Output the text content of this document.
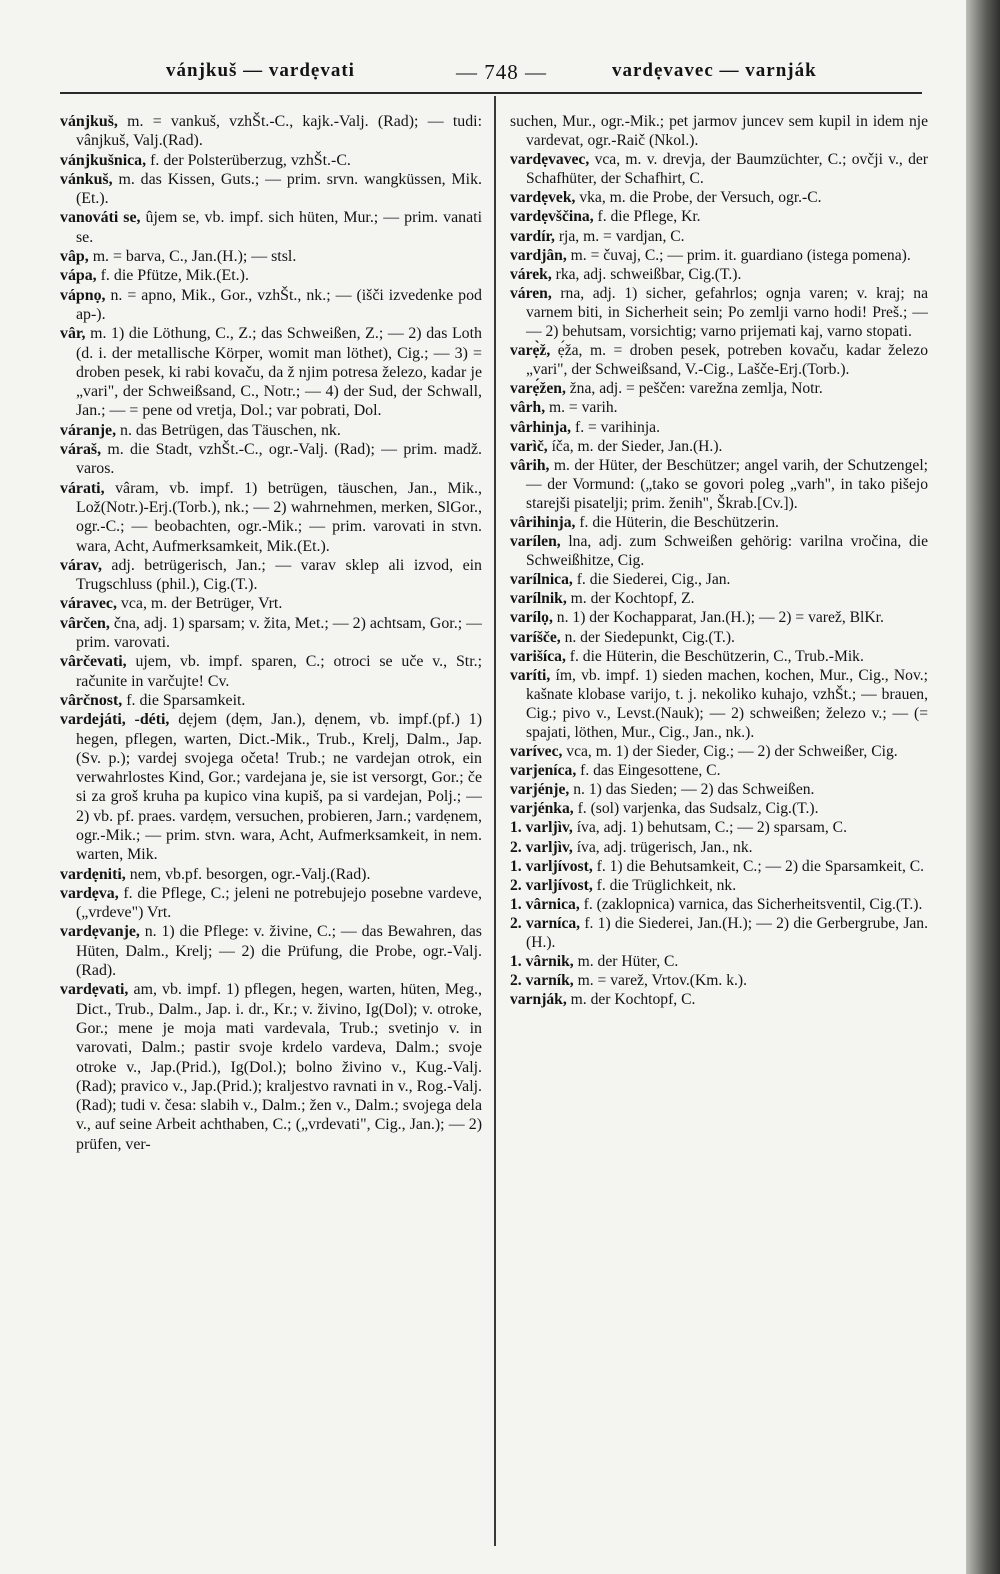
vánjkuš — vardẹvati	— 748 —	vardẹvavec — varnják

vánjkuš, m. = vankuš, vzhŠt.-C., kajk.-Valj. (Rad); — tudi: vânjkuš, Valj.(Rad).

vánjkušnica, f. der Polsterüberzug, vzhŠt.-C.

vánkuš, m. das Kissen, Guts.; — prim. srvn. wangküssen, Mik.(Et.).

vanováti se, ûjem se, vb. impf. sich hüten, Mur.; — prim. vanati se.

vâp, m. = barva, C., Jan.(H.); — stsl.

vápa, f. die Pfütze, Mik.(Et.).

vápnọ, n. = apno, Mik., Gor., vzhŠt., nk.; — (išči izvedenke pod ap-).

vâr, m. 1) die Löthung, C., Z.; das Schweißen, Z.; — 2) das Loth (d. i. der metallische Körper, womit man löthet), Cig.; — 3) = droben pesek, ki rabi kovaču, da ž njim potresa železo, kadar je „vari", der Schweißsand, C., Notr.; — 4) der Sud, der Schwall, Jan.; — = pene od vretja, Dol.; var pobrati, Dol.

váranje, n. das Betrügen, das Täuschen, nk.

váraš, m. die Stadt, vzhŠt.-C., ogr.-Valj. (Rad); — prim. madž. varos.

várati, vâram, vb. impf. 1) betrügen, täuschen, Jan., Mik., Lož(Notr.)-Erj.(Torb.), nk.; — 2) wahrnehmen, merken, SlGor., ogr.-C.; — beobachten, ogr.-Mik.; — prim. varovati in stvn. wara, Acht, Aufmerksamkeit, Mik.(Et.).

várav, adj. betrügerisch, Jan.; — varav sklep ali izvod, ein Trugschluss (phil.), Cig.(T.).

váravec, vca, m. der Betrüger, Vrt.

vârčen, čna, adj. 1) sparsam; v. žita, Met.; — 2) achtsam, Gor.; — prim. varovati.

vârčevati, ujem, vb. impf. sparen, C.; otroci se uče v., Str.; računite in varčujte! Cv.

vârčnost, f. die Sparsamkeit.

vardejáti, -déti, dẹjem (dẹm, Jan.), dẹnem, vb. impf.(pf.) 1) hegen, pflegen, warten, Dict.-Mik., Trub., Krelj, Dalm., Jap.(Sv. p.); vardej svojega očeta! Trub.; ne vardejan otrok, ein verwahrlostes Kind, Gor.; vardejana je, sie ist versorgt, Gor.; če si za groš kruha pa kupico vina kupiš, pa si vardejan, Polj.; — 2) vb. pf. praes. vardẹm, versuchen, probieren, Jarn.; vardẹnem, ogr.-Mik.; — prim. stvn. wara, Acht, Aufmerksamkeit, in nem. warten, Mik.

vardẹniti, nem, vb.pf. besorgen, ogr.-Valj.(Rad).

vardẹva, f. die Pflege, C.; jeleni ne potrebujejo posebne vardeve, („vrdeve") Vrt.

vardẹvanje, n. 1) die Pflege: v. živine, C.; — das Bewahren, das Hüten, Dalm., Krelj; — 2) die Prüfung, die Probe, ogr.-Valj.(Rad).

vardẹvati, am, vb. impf. 1) pflegen, hegen, warten, hüten, Meg., Dict., Trub., Dalm., Jap. i. dr., Kr.; v. živino, Ig(Dol); v. otroke, Gor.; mene je moja mati vardevala, Trub.; svetinjo v. in varovati, Dalm.; pastir svoje krdelo vardeva, Dalm.; svoje otroke v., Jap.(Prid.), Ig(Dol.); bolno živino v., Kug.-Valj.(Rad); pravico v., Jap.(Prid.); kraljestvo ravnati in v., Rog.-Valj.(Rad); tudi v. česa: slabih v., Dalm.; žen v., Dalm.; svojega dela v., auf seine Arbeit achthaben, C.; („vrdevati", Cig., Jan.); — 2) prüfen, ver-

suchen, Mur., ogr.-Mik.; pet jarmov juncev sem kupil in idem nje vardevat, ogr.-Raič (Nkol.).

vardẹvavec, vca, m. v. drevja, der Baumzüchter, C.; ovčji v., der Schafhüter, der Schafhirt, C.

vardẹvek, vka, m. die Probe, der Versuch, ogr.-C.

vardẹvščina, f. die Pflege, Kr.

vardír, rja, m. = vardjan, C.

vardjân, m. = čuvaj, C.; — prim. it. guardiano (istega pomena).

várek, rka, adj. schweißbar, Cig.(T.).

váren, rna, adj. 1) sicher, gefahrlos; ognja varen; v. kraj; na varnem biti, in Sicherheit sein; Po zemlji varno hodi! Preš.; — — 2) behutsam, vorsichtig; varno prijemati kaj, varno stopati.

varẹ̀ž, ẹ́ža, m. = droben pesek, potreben kovaču, kadar železo „vari", der Schweißsand, V.-Cig., Lašče-Erj.(Torb.).

varẹ́žen, žna, adj. = peščen: varežna zemlja, Notr.

vârh, m. = varih.

vârhinja, f. = varihinja.

varìč, íča, m. der Sieder, Jan.(H.).

vârih, m. der Hüter, der Beschützer; angel varih, der Schutzengel; — der Vormund: („tako se govori poleg „varh", in tako pišejo starejši pisatelji; prim. ženih", Škrab.[Cv.]).

vârihinja, f. die Hüterin, die Beschützerin.

varílen, lna, adj. zum Schweißen gehörig: varilna vročina, die Schweißhitze, Cig.

varílnica, f. die Siederei, Cig., Jan.

varílnik, m. der Kochtopf, Z.

varílọ, n. 1) der Kochapparat, Jan.(H.); — 2) = varež, BlKr.

varíšče, n. der Siedepunkt, Cig.(T.).

varišíca, f. die Hüterin, die Beschützerin, C., Trub.-Mik.

varíti, ím, vb. impf. 1) sieden machen, kochen, Mur., Cig., Nov.; kašnate klobase varijo, t. j. nekoliko kuhajo, vzhŠt.; — brauen, Cig.; pivo v., Levst.(Nauk); — 2) schweißen; železo v.; — (= spajati, löthen, Mur., Cig., Jan., nk.).

varívec, vca, m. 1) der Sieder, Cig.; — 2) der Schweißer, Cig.

varjeníca, f. das Eingesottene, C.

varjénje, n. 1) das Sieden; — 2) das Schweißen.

varjénka, f. (sol) varjenka, das Sudsalz, Cig.(T.).

1. varljìv, íva, adj. 1) behutsam, C.; — 2) sparsam, C.

2. varljìv, íva, adj. trügerisch, Jan., nk.

1. varljívost, f. 1) die Behutsamkeit, C.; — 2) die Sparsamkeit, C.

2. varljívost, f. die Trüglichkeit, nk.

1. vârnica, f. (zaklopnica) varnica, das Sicherheitsventil, Cig.(T.).

2. varníca, f. 1) die Siederei, Jan.(H.); — 2) die Gerbergrube, Jan.(H.).

1. vârnik, m. der Hüter, C.

2. varník, m. = varež, Vrtov.(Km. k.).

varnják, m. der Kochtopf, C.
